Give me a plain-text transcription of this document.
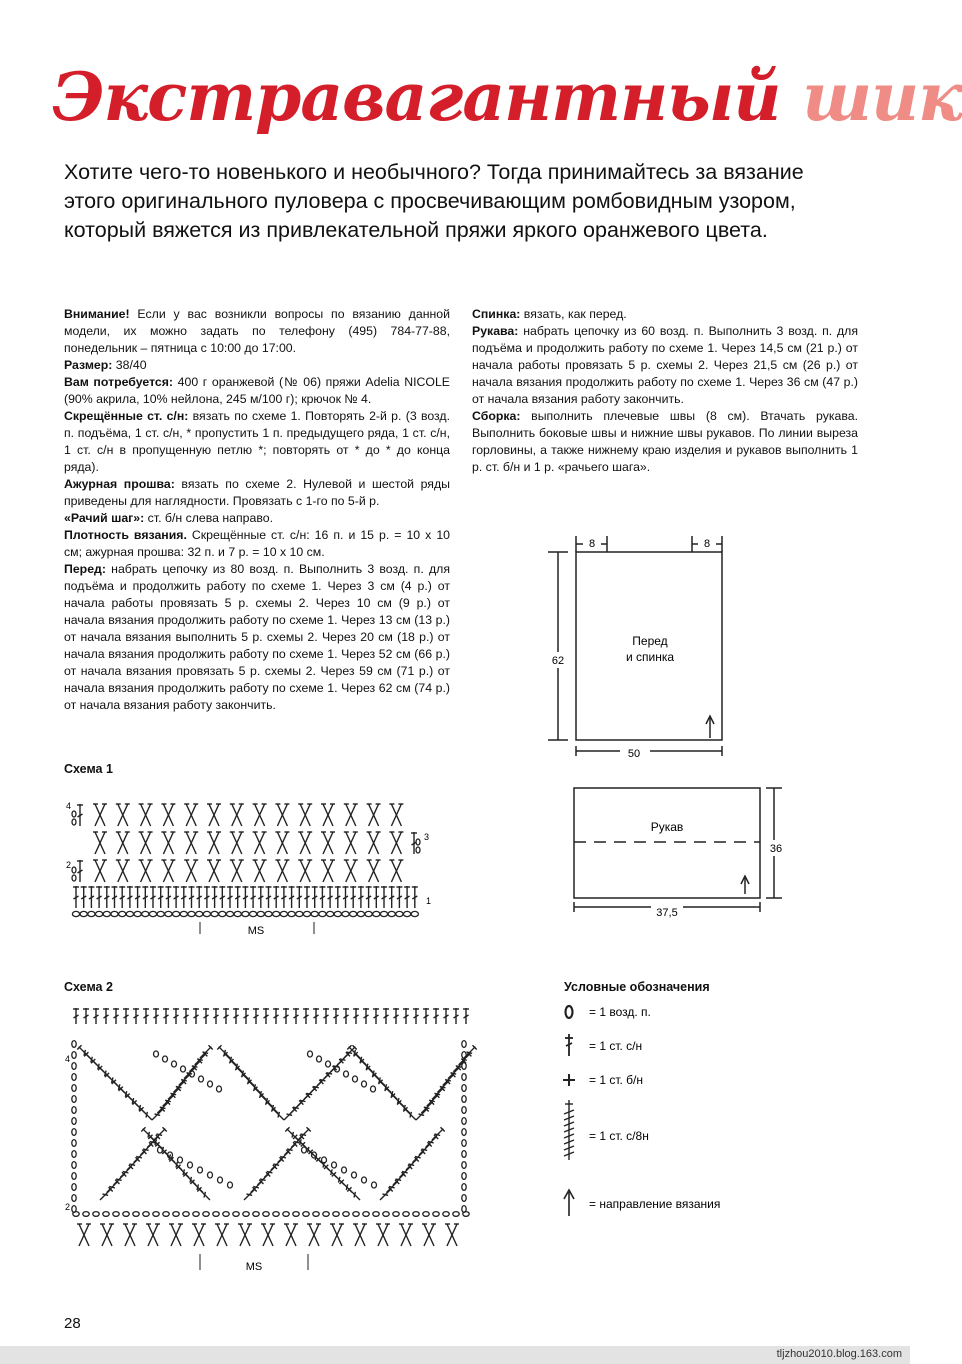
Экстравагантный шик
Хотите чего-то новенького и необычного? Тогда принимайтесь за вязание этого оригинального пуловера с просвечивающим ромбовидным узором, который вяжется из привлекательной пряжи яркого оранжевого цвета.

Внимание! Если у вас возникли вопросы по вязанию данной модели, их можно задать по телефону (495) 784-77-88, понедельник – пятница с 10:00 до 17:00.

Размер: 38/40

Вам потребуется: 400 г оранжевой (№ 06) пряжи Adelia NICOLE (90% акрила, 10% нейлона, 245 м/100 г); крючок № 4.

Скрещённые ст. с/н: вязать по схеме 1. Повторять 2-й р. (3 возд. п. подъёма, 1 ст. с/н, * пропустить 1 п. предыдущего ряда, 1 ст. с/н, 1 ст. с/н в пропущенную петлю *; повторять от * до * до конца ряда).

Ажурная прошва: вязать по схеме 2. Нулевой и шестой ряды приведены для наглядности. Провязать с 1-го по 5-й р.

«Рачий шаг»: ст. б/н слева направо.

Плотность вязания. Скрещённые ст. с/н: 16 п. и 15 р. = 10 х 10 см; ажурная прошва: 32 п. и 7 р. = 10 х 10 см.

Перед: набрать цепочку из 80 возд. п. Выполнить 3 возд. п. для подъёма и продолжить работу по схеме 1. Через 3 см (4 р.) от начала работы провязать 5 р. схемы 2. Через 10 см (9 р.) от начала вязания продолжить работу по схеме 1. Через 13 см (13 р.) от начала вязания выполнить 5 р. схемы 2. Через 20 см (18 р.) от начала вязания продолжить работу по схеме 1. Через 52 см (66 р.) от начала вязания провязать 5 р. схемы 2. Через 59 см (71 р.) от начала вязания продолжить работу по схеме 1. Через 62 см (74 р.) от начала вязания работу закончить.

Спинка: вязать, как перед.

Рукава: набрать цепочку из 60 возд. п. Выполнить 3 возд. п. для подъёма и продолжить работу по схеме 1. Через 14,5 см (21 р.) от начала работы провязать 5 р. схемы 2. Через 21,5 см (26 р.) от начала вязания продолжить работу по схеме 1. Через 36 см (47 р.) от начала вязания работу закончить.

Сборка: выполнить плечевые швы (8 см). Втачать рукава. Выполнить боковые швы и нижние швы рукавов. По линии выреза горловины, а также нижнему краю изделия и рукавов выполнить 1 р. ст. б/н и 1 р. «рачьего шага».

8	8
62
50
Перед
и спинка
Рукав
36
37,5
Схема 1
4
3
2
1
MS
Схема 2
4
2
MS
Условные обозначения
= 1 возд. п.
= 1 ст. с/н
= 1 ст. б/н
= 1 ст. с/8н
= направление вязания
28
tljzhou2010.blog.163.com
